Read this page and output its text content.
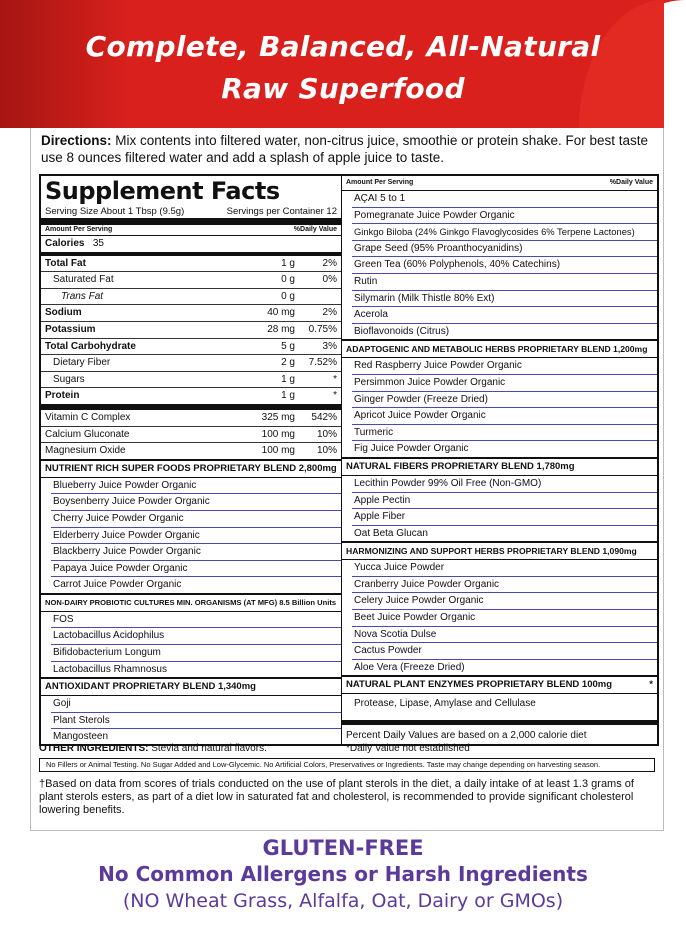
Complete, Balanced, All-Natural
Raw Superfood
Directions: Mix contents into filtered water, non-citrus juice, smoothie or protein shake. For best taste use 8 ounces filtered water and add a splash of apple juice to taste.
Supplement Facts
Serving Size About 1 Tbsp (9.5g)	Servings per Container 12
Amount Per Serving	%Daily Value
Calories 35
Total Fat	1 g	2%
Saturated Fat	0 g	0%
Trans Fat	0 g
Sodium	40 mg	2%
Potassium	28 mg	0.75%
Total Carbohydrate	5 g	3%
Dietary Fiber	2 g	7.52%
Sugars	1 g	*
Protein	1 g	*
Vitamin C Complex	325 mg	542%
Calcium Gluconate	100 mg	10%
Magnesium Oxide	100 mg	10%
NUTRIENT RICH SUPER FOODS PROPRIETARY BLEND 2,800mg
Blueberry Juice Powder Organic
Boysenberry Juice Powder Organic
Cherry Juice Powder Organic
Elderberry Juice Powder Organic
Blackberry Juice Powder Organic
Papaya Juice Powder Organic
Carrot Juice Powder Organic
NON-DAIRY PROBIOTIC CULTURES MIN. ORGANISMS (AT MFG) 8.5 Billion Units
FOS
Lactobacillus Acidophilus
Bifidobacterium Longum
Lactobacillus Rhamnosus
ANTIOXIDANT PROPRIETARY BLEND 1,340mg
Goji
Plant Sterols
Mangosteen
Amount Per Serving	%Daily Value
AÇAI 5 to 1
Pomegranate Juice Powder Organic
Ginkgo Biloba (24% Ginkgo Flavoglycosides 6% Terpene Lactones)
Grape Seed (95% Proanthocyanidins)
Green Tea (60% Polyphenols, 40% Catechins)
Rutin
Silymarin (Milk Thistle 80% Ext)
Acerola
Bioflavonoids (Citrus)
ADAPTOGENIC AND METABOLIC HERBS PROPRIETARY BLEND 1,200mg
Red Raspberry Juice Powder Organic
Persimmon Juice Powder Organic
Ginger Powder (Freeze Dried)
Apricot Juice Powder Organic
Turmeric
Fig Juice Powder Organic
NATURAL FIBERS PROPRIETARY BLEND 1,780mg
Lecithin Powder 99% Oil Free (Non-GMO)
Apple Pectin
Apple Fiber
Oat Beta Glucan
HARMONIZING AND SUPPORT HERBS PROPRIETARY BLEND 1,090mg
Yucca Juice Powder
Cranberry Juice Powder Organic
Celery Juice Powder Organic
Beet Juice Powder Organic
Nova Scotia Dulse
Cactus Powder
Aloe Vera (Freeze Dried)
NATURAL PLANT ENZYMES PROPRIETARY BLEND 100mg	*
Protease, Lipase, Amylase and Cellulase
Percent Daily Values are based on a 2,000 calorie diet
*Daily Value not established
OTHER INGREDIENTS: Stevia and natural flavors.
No Fillers or Animal Testing. No Sugar Added and Low-Glycemic. No Artificial Colors, Preservatives or Ingredients. Taste may change depending on harvesting season.
†Based on data from scores of trials conducted on the use of plant sterols in the diet, a daily intake of at least 1.3 grams of plant sterols esters, as part of a diet low in saturated fat and cholesterol, is recommended to provide significant cholesterol lowering benefits.
GLUTEN-FREE
No Common Allergens or Harsh Ingredients
(NO Wheat Grass, Alfalfa, Oat, Dairy or GMOs)
